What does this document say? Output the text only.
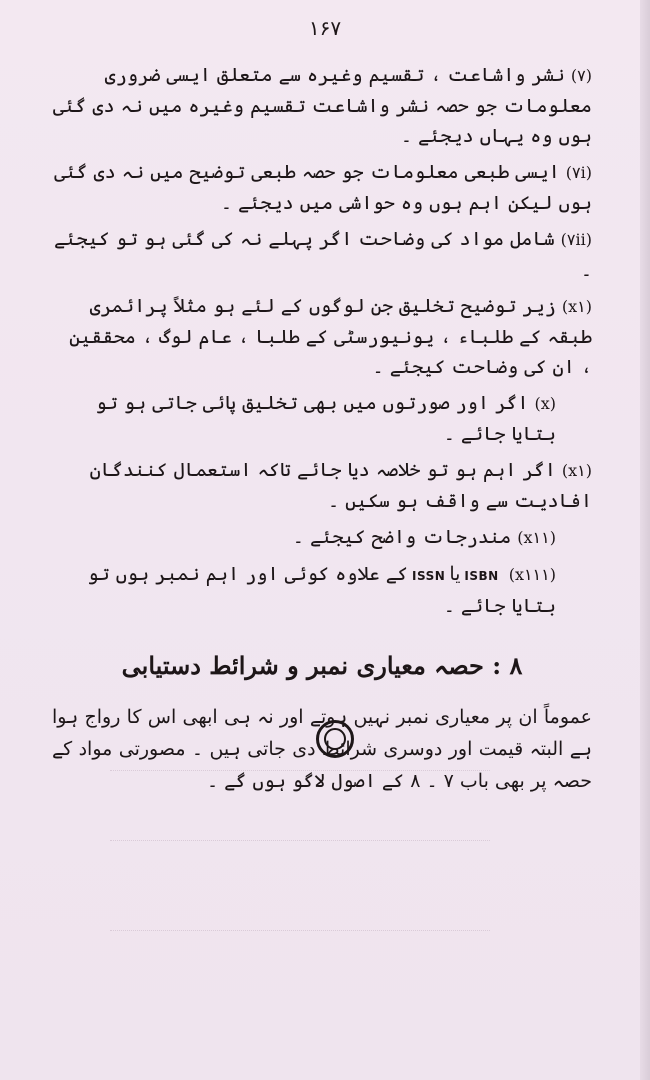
۱۶۷
(۷)نشر واشاعت ، تقسیم وغیرہ سے متعلق ایسی ضروری معلومات جو حصہ نشر واشاعت تقسیم وغیرہ میں نہ دی گئی ہوں وہ یہاں دیجئے ۔
(۷i)ایسی طبعی معلومات جو حصہ طبعی توضیح میں نہ دی گئی ہوں لیکن اہم ہوں وہ حواشی میں دیجئے ۔
(۷ii)شامل مواد کی وضاحت اگر پہلے نہ کی گئی ہو تو کیجئے ۔
(x۱)زیر توضیح تخلیق جن لوگوں کے لئے ہو مثلاً پرائمری طبقہ کے طلباء ، یونیورسٹی کے طلبا ، عام لوگ ، محققین ، ان کی وضاحت کیجئے ۔
(x)اگر اور صورتوں میں بھی تخلیق پائی جاتی ہو تو بتایا جائے ۔
(x۱)اگر اہم ہو تو خلاصہ دیا جائے تاکہ استعمال کنندگان افادیت سے واقف ہو سکیں ۔
(x۱۱)مندرجات واضح کیجئے ۔
(x۱۱۱)ISBNیاISSNکے علاوہ کوئی اور اہم نمبر ہوں تو بتایا جائے ۔
۸ : حصہ معیاری نمبر و شرائط دستیابی
عموماً ان پر معیاری نمبر نہیں ہوتے اور نہ ہی ابھی اس کا رواج ہوا ہے البتہ قیمت اور دوسری شرائط دی جاتی ہیں ۔ مصورتی مواد کے حصہ پر بھی باب ۷ ۔ ۸ کے اصول لاگو ہوں گے ۔
